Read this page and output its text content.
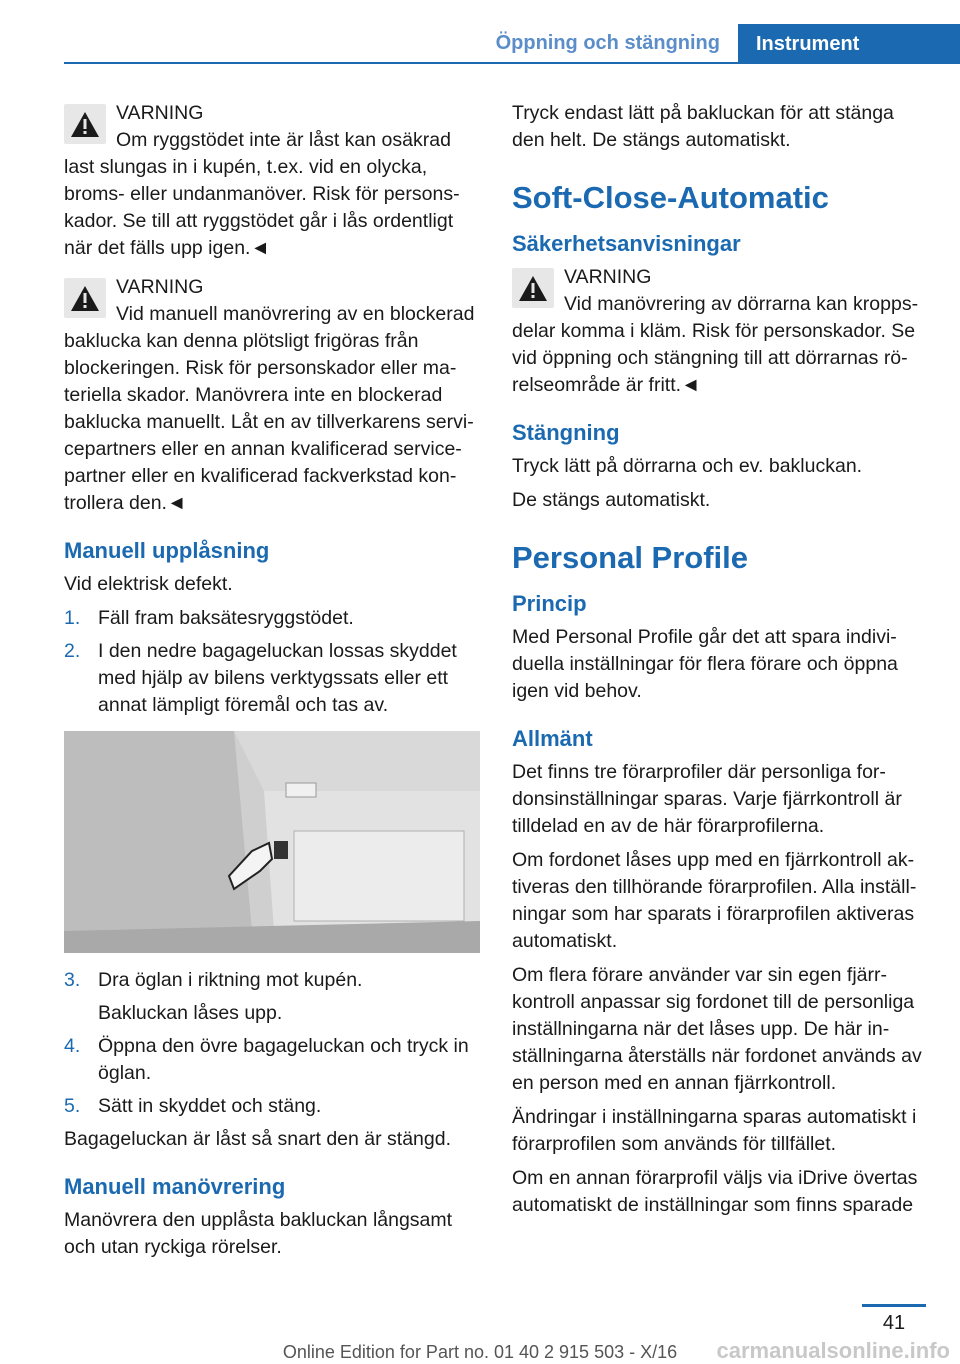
Öppning och stängning	Instrument
VARNING
Om ryggstödet inte är låst kan osäkrad last slungas in i kupén, t.ex. vid en olycka, broms- eller undanmanöver. Risk för personskador. Se till att ryggstödet går i lås ordentligt när det fälls upp igen.◄
VARNING
Vid manuell manövrering av en blockerad baklucka kan denna plötsligt frigöras från blockeringen. Risk för personskador eller materiella skador. Manövrera inte en blockerad baklucka manuellt. Låt en av tillverkarens servicepartners eller en annan kvalificerad servicepartner eller en kvalificerad fackverkstad kontrollera den.◄
Manuell upplåsning

Vid elektrisk defekt.

1. Fäll fram baksätesryggstödet.
2. I den nedre bagageluckan lossas skyddet med hjälp av bilens verktygssats eller ett annat lämpligt föremål och tas av.
3. Dra öglan i riktning mot kupén.
Bakluckan låses upp.
4. Öppna den övre bagageluckan och tryck in öglan.
5. Sätt in skyddet och stäng.

Bagageluckan är låst så snart den är stängd.

Manuell manövrering

Manövrera den upplåsta bakluckan långsamt och utan ryckiga rörelser.

Tryck endast lätt på bakluckan för att stänga den helt. De stängs automatiskt.

Soft-Close-Automatic
Säkerhetsanvisningar
VARNING
Vid manövrering av dörrarna kan kroppsdelar komma i kläm. Risk för personskador. Se vid öppning och stängning till att dörrarnas rörelseområde är fritt.◄
Stängning

Tryck lätt på dörrarna och ev. bakluckan.

De stängs automatiskt.

Personal Profile
Princip

Med Personal Profile går det att spara individuella inställningar för flera förare och öppna igen vid behov.

Allmänt

Det finns tre förarprofiler där personliga fordonsinställningar sparas. Varje fjärrkontroll är tilldelad en av de här förarprofilerna.

Om fordonet låses upp med en fjärrkontroll aktiveras den tillhörande förarprofilen. Alla inställningar som har sparats i förarprofilen aktiveras automatiskt.

Om flera förare använder var sin egen fjärrkontroll anpassar sig fordonet till de personliga inställningarna när det låses upp. De här inställningarna återställs när fordonet används av en person med en annan fjärrkontroll.

Ändringar i inställningarna sparas automatiskt i förarprofilen som används för tillfället.

Om en annan förarprofil väljs via iDrive övertas automatiskt de inställningar som finns sparade

41
Online Edition for Part no. 01 40 2 915 503 - X/16	carmanualsonline.info
